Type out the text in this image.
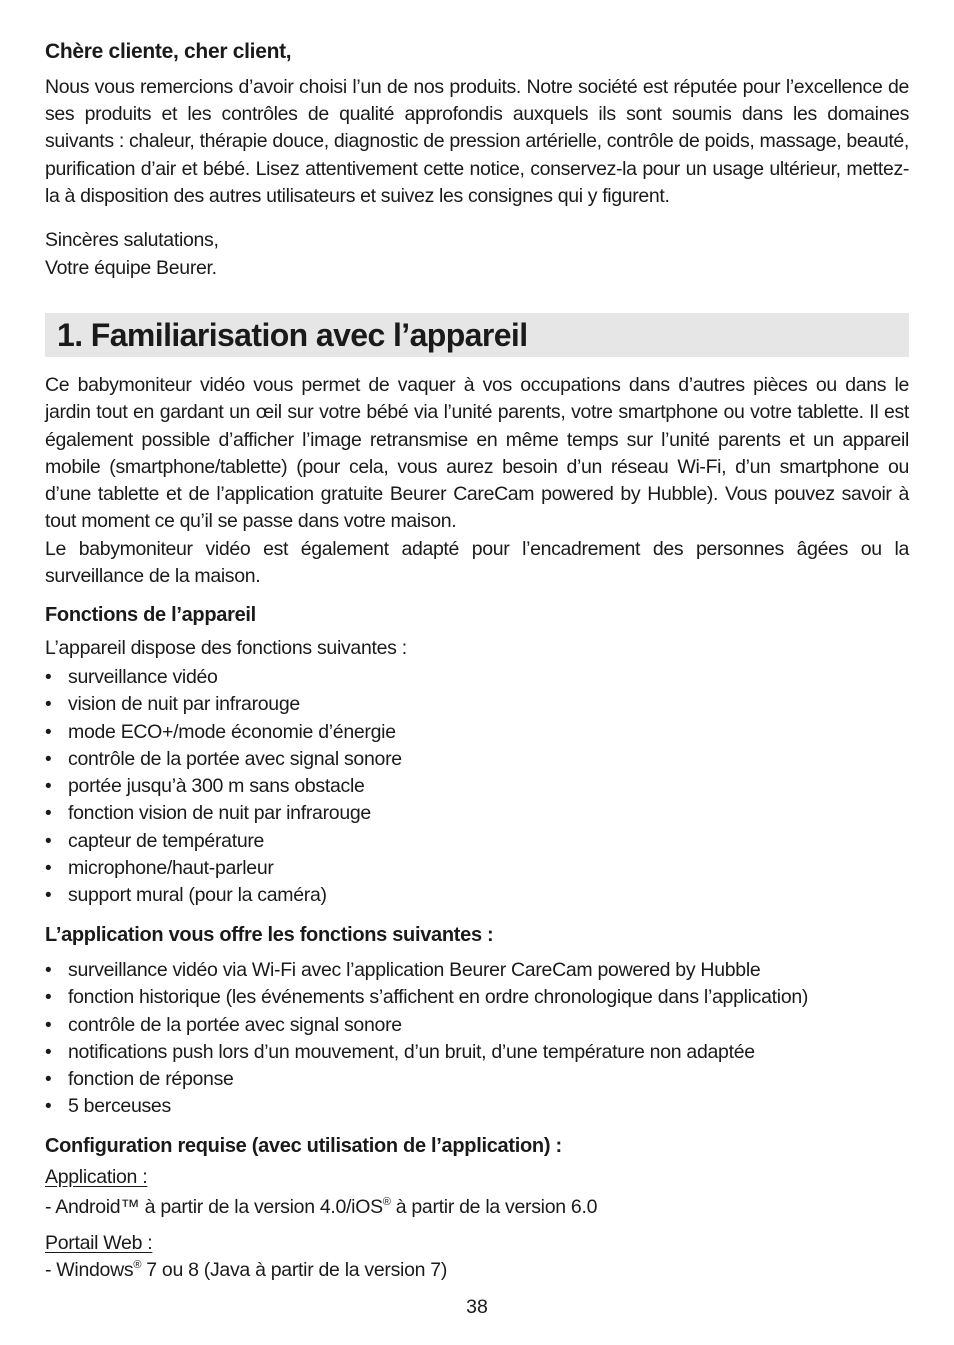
Chère cliente, cher client,
Nous vous remercions d’avoir choisi l’un de nos produits. Notre société est réputée pour l’excellence de ses produits et les contrôles de qualité approfondis auxquels ils sont soumis dans les domaines suivants : chaleur, thérapie douce, diagnostic de pression artérielle, contrôle de poids, massage, beauté, purification d’air et bébé. Lisez attentivement cette notice, conservez-la pour un usage ultérieur, mettez-la à disposition des autres utilisateurs et suivez les consignes qui y figurent.
Sincères salutations,
Votre équipe Beurer.
1. Familiarisation avec l’appareil
Ce babymoniteur vidéo vous permet de vaquer à vos occupations dans d’autres pièces ou dans le jardin tout en gardant un œil sur votre bébé via l’unité parents, votre smartphone ou votre tablette. Il est également possible d’afficher l’image retransmise en même temps sur l’unité parents et un appareil mobile (smartphone/tablette) (pour cela, vous aurez besoin d’un réseau Wi-Fi, d’un smartphone ou d’une tablette et de l’application gratuite Beurer CareCam powered by Hubble). Vous pouvez savoir à tout moment ce qu’il se passe dans votre maison.
Le babymoniteur vidéo est également adapté pour l’encadrement des personnes âgées ou la surveillance de la maison.
Fonctions de l’appareil
L’appareil dispose des fonctions suivantes :
• surveillance vidéo
• vision de nuit par infrarouge
• mode ECO+/mode économie d’énergie
• contrôle de la portée avec signal sonore
• portée jusqu’à 300 m sans obstacle
• fonction vision de nuit par infrarouge
• capteur de température
• microphone/haut-parleur
• support mural (pour la caméra)
L’application vous offre les fonctions suivantes :
• surveillance vidéo via Wi-Fi avec l’application Beurer CareCam powered by Hubble
• fonction historique (les événements s’affichent en ordre chronologique dans l’application)
• contrôle de la portée avec signal sonore
• notifications push lors d’un mouvement, d’un bruit, d’une température non adaptée
• fonction de réponse
• 5 berceuses
Configuration requise (avec utilisation de l’application) :
Application :
- Android™ à partir de la version 4.0/iOS® à partir de la version 6.0
Portail Web :
- Windows® 7 ou 8 (Java à partir de la version 7)
38
